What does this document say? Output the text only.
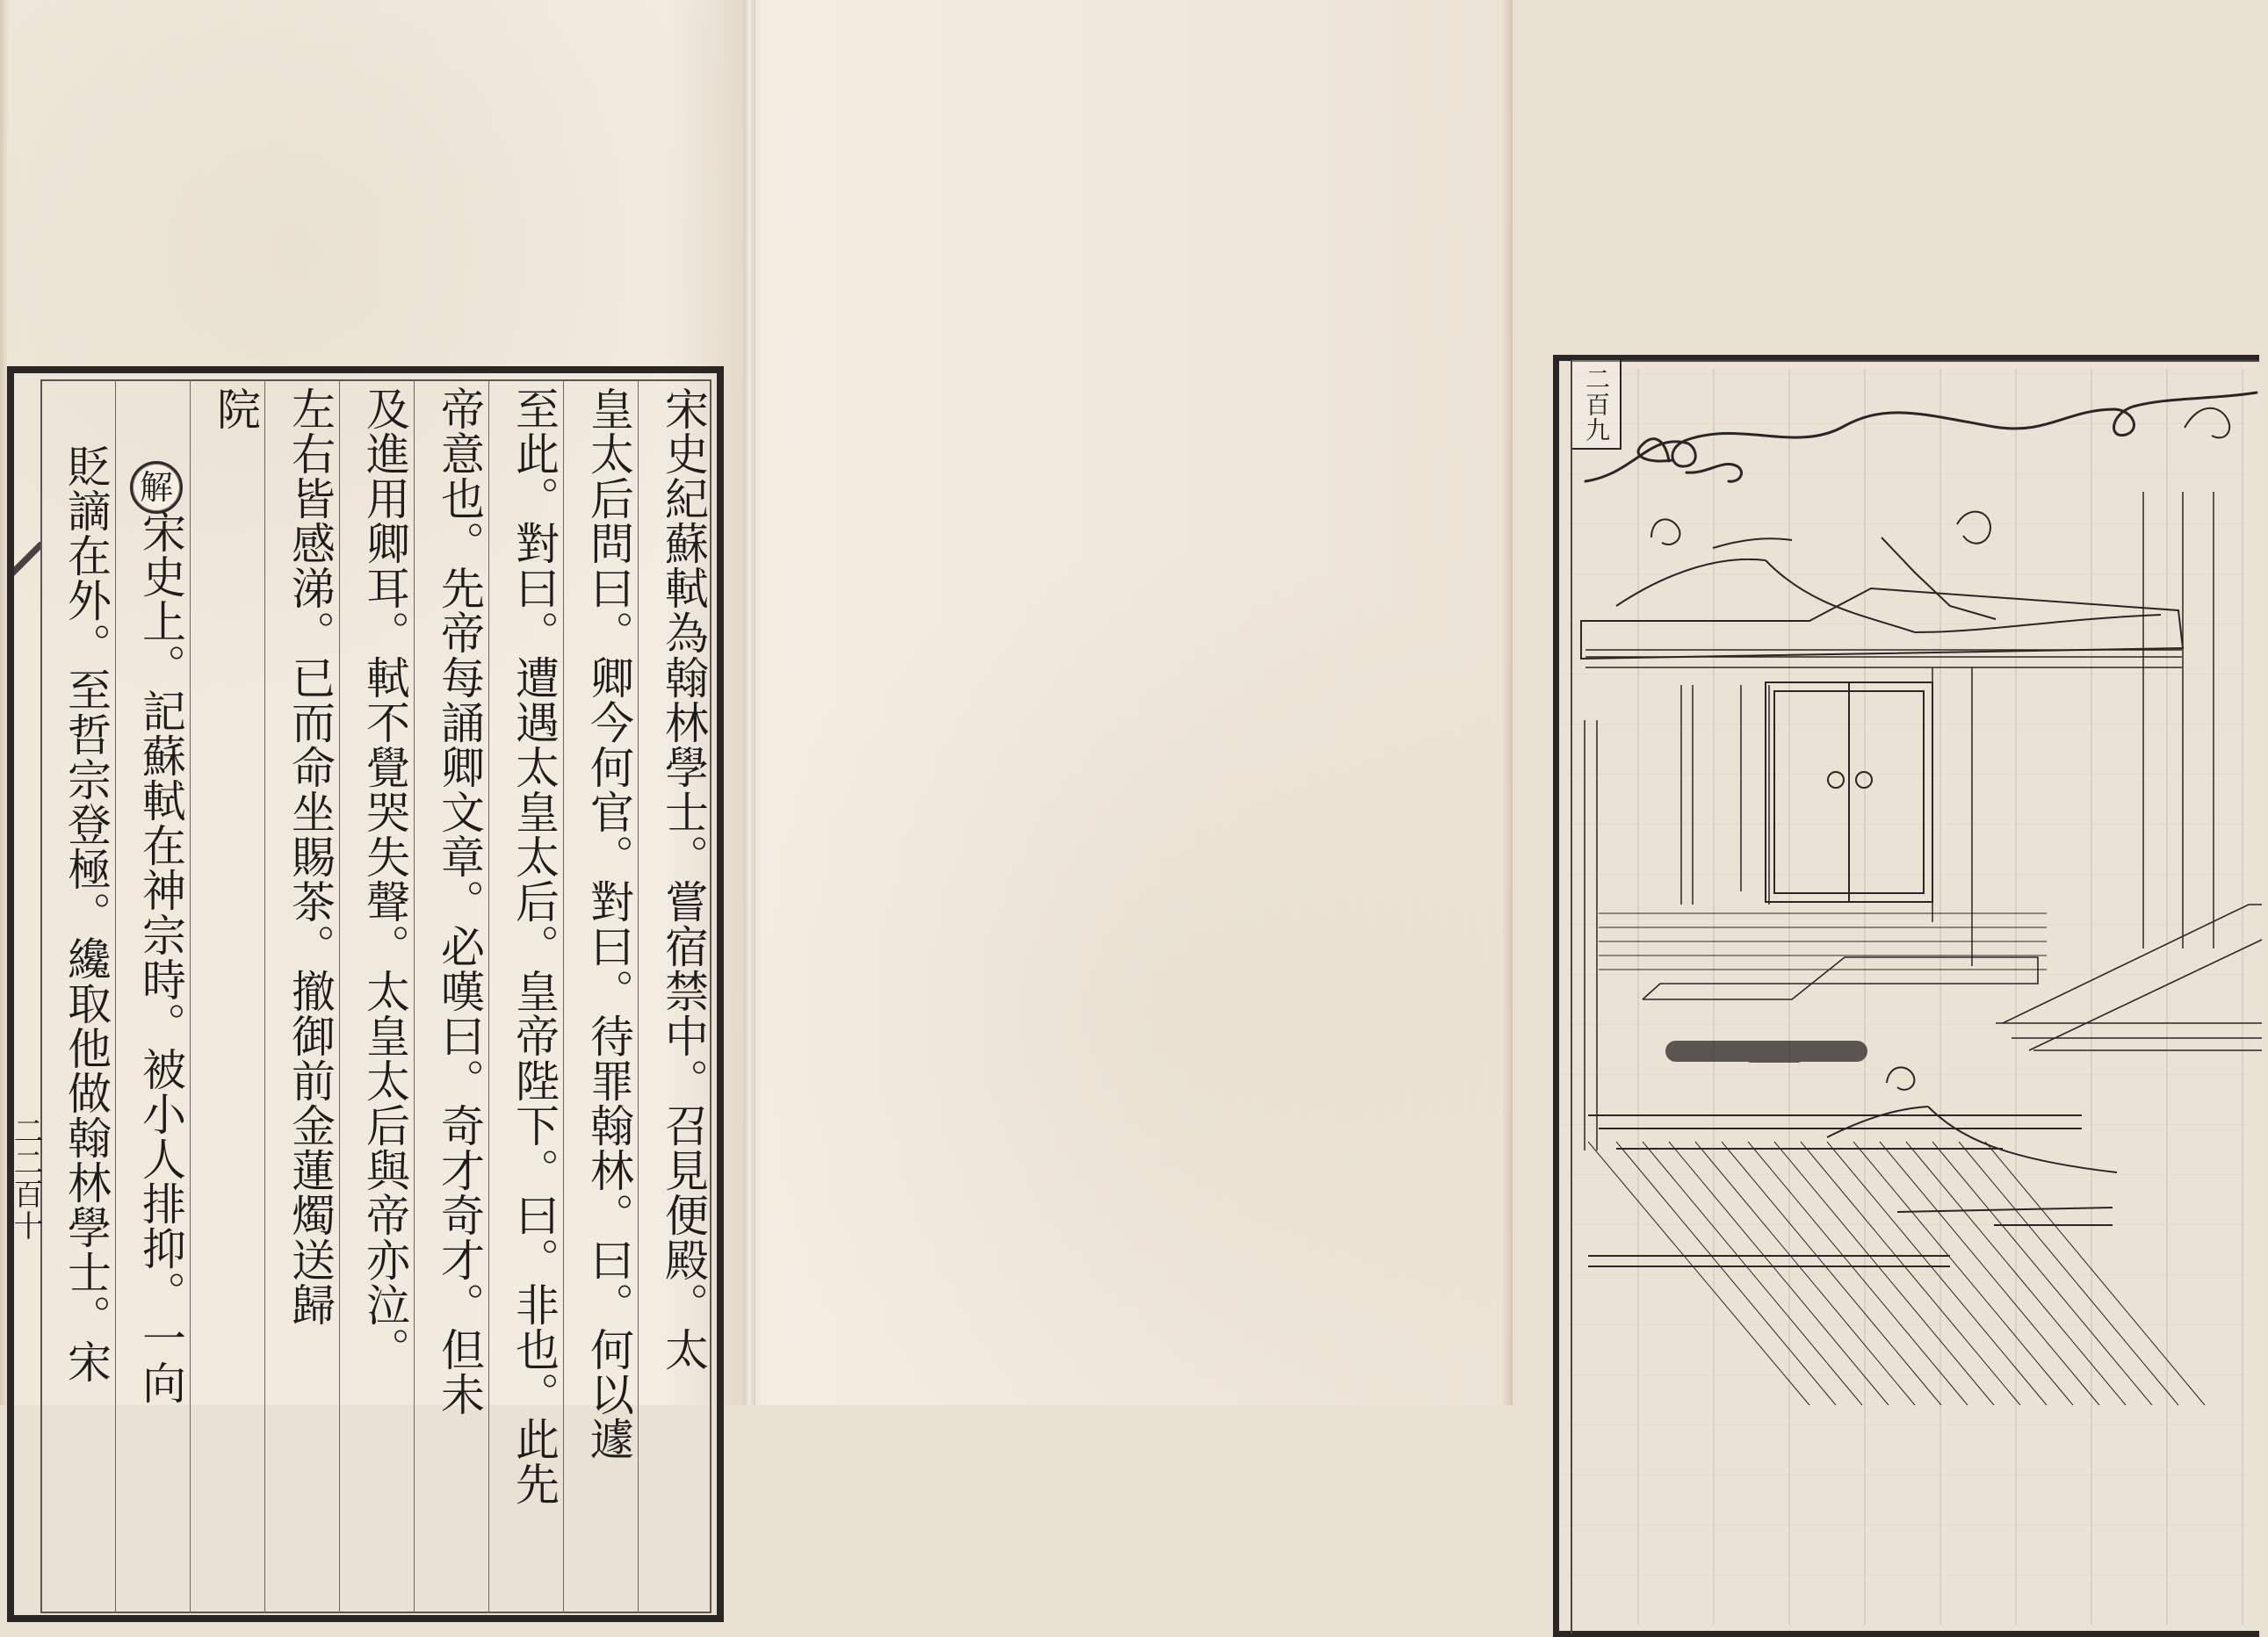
宋史紀蘇軾為翰林學士。嘗宿禁中。召見便殿。太
皇太后問曰。卿今何官。對曰。待罪翰林。曰。何以遽
至此。對曰。遭遇太皇太后。皇帝陛下。曰。非也。此先
帝意也。先帝每誦卿文章。必嘆曰。奇才奇才。但未
及進用卿耳。軾不覺哭失聲。太皇太后與帝亦泣。
左右皆感涕。已而命坐賜茶。撤御前金蓮燭送歸
院
解
宋史上。記蘇軾在神宗時。被小人排抑。一向
貶謫在外。至哲宗登極。纔取他做翰林學士。宋
二二百十
二百九
